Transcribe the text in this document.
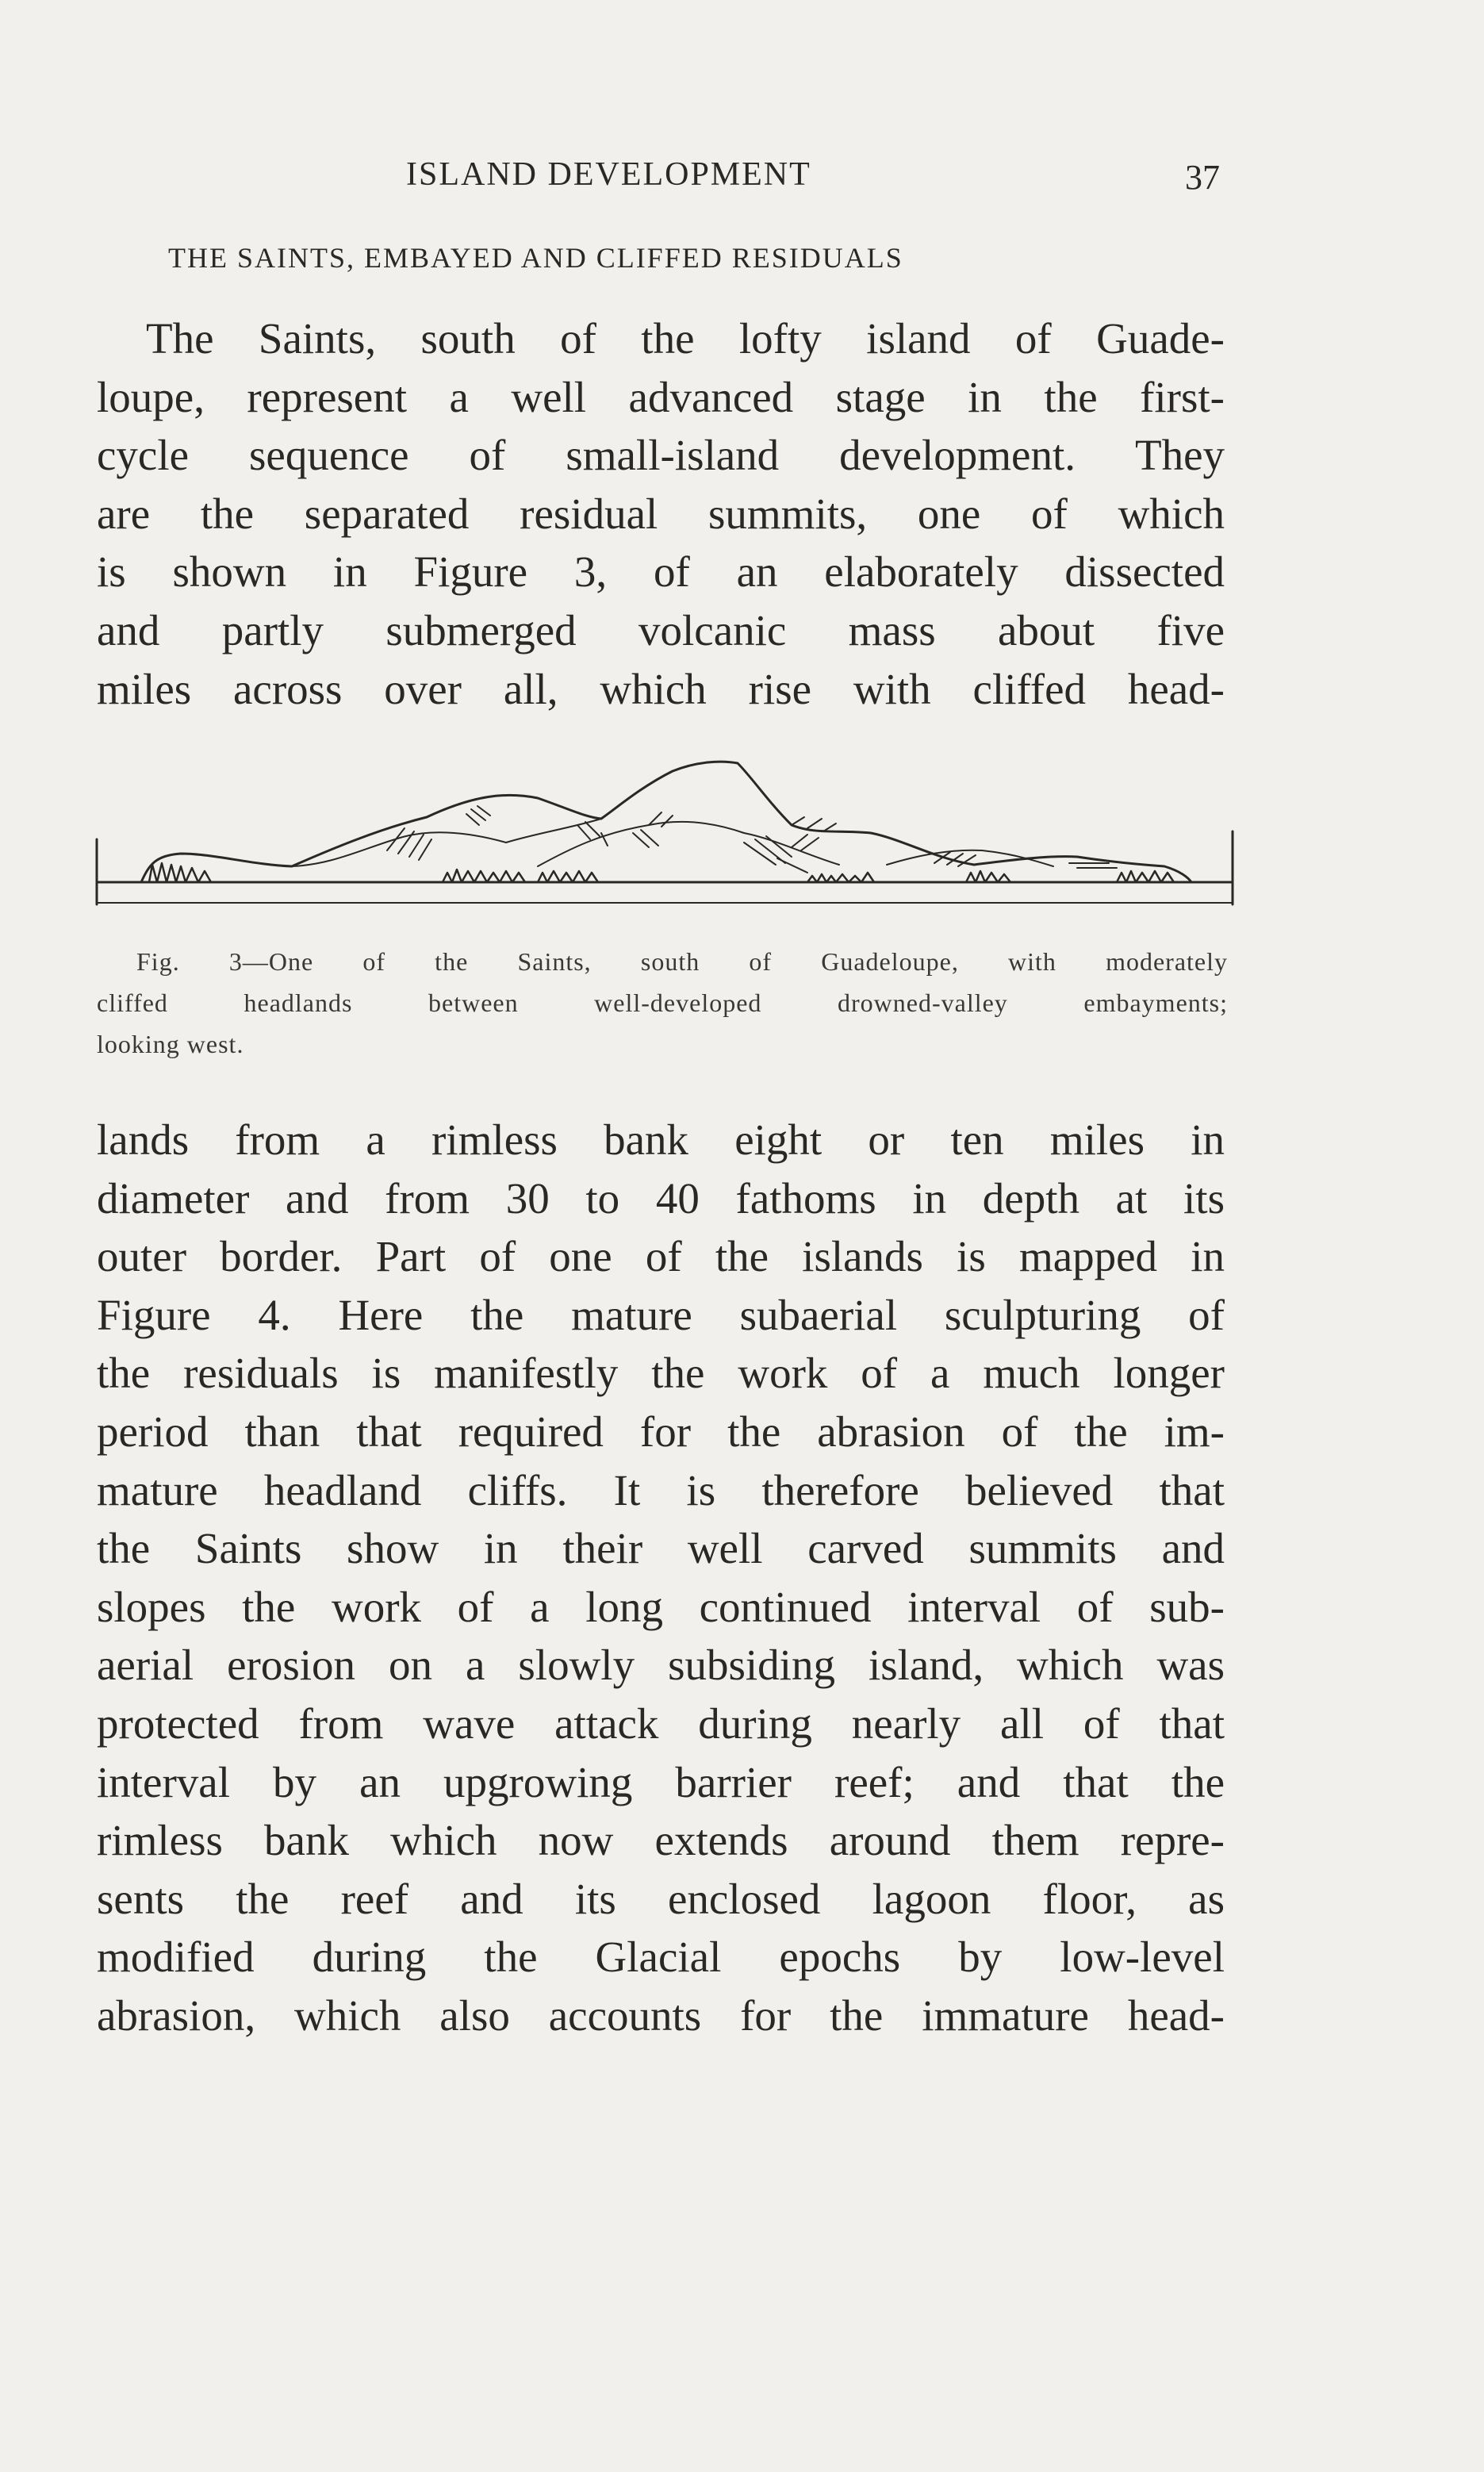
ISLAND DEVELOPMENT	37
THE SAINTS, EMBAYED AND CLIFFED RESIDUALS
The Saints, south of the lofty island of Guade-
loupe, represent a well advanced stage in the first-
cycle sequence of small-island development. They
are the separated residual summits, one of which
is shown in Figure 3, of an elaborately dissected
and partly submerged volcanic mass about five
miles across over all, which rise with cliffed head-
Fig. 3—One of the Saints, south of Guadeloupe, with moderately
cliffed headlands between well-developed drowned-valley embayments;
looking west.
lands from a rimless bank eight or ten miles in
diameter and from 30 to 40 fathoms in depth at its
outer border. Part of one of the islands is mapped in
Figure 4. Here the mature subaerial sculpturing of
the residuals is manifestly the work of a much longer
period than that required for the abrasion of the im-
mature headland cliffs. It is therefore believed that
the Saints show in their well carved summits and
slopes the work of a long continued interval of sub-
aerial erosion on a slowly subsiding island, which was
protected from wave attack during nearly all of that
interval by an upgrowing barrier reef; and that the
rimless bank which now extends around them repre-
sents the reef and its enclosed lagoon floor, as
modified during the Glacial epochs by low-level
abrasion, which also accounts for the immature head-
